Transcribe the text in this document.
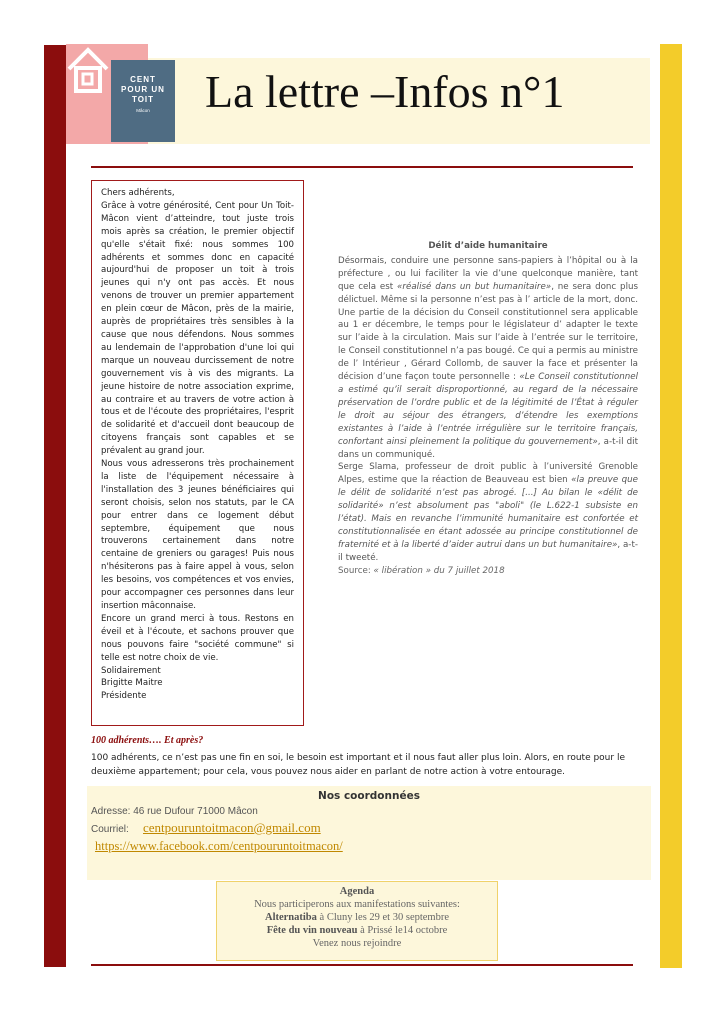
CENT
POUR UN
TOIT
Mâcon	La lettre –Infos n°1

Chers adhérents,

Grâce à votre générosité, Cent pour Un Toit-Mâcon vient d’atteindre, tout juste trois mois après sa création, le premier objectif qu'elle s'était fixé: nous sommes 100 adhérents et sommes donc en capacité aujourd'hui de proposer un toit à trois jeunes qui n'y ont pas accès. Et nous venons de trouver un premier appartement en plein cœur de Mâcon, près de la mairie, auprès de propriétaires très sensibles à la cause que nous défendons. Nous sommes au lendemain de l'approbation d'une loi qui marque un nouveau durcissement de notre gouvernement vis à vis des migrants. La jeune histoire de notre association exprime, au contraire et au travers de votre action à tous et de l'écoute des propriétaires, l'esprit de solidarité et d'accueil dont beaucoup de citoyens français sont capables et se prévalent au grand jour.

Nous vous adresserons très prochainement la liste de l'équipement nécessaire à l'installation des 3 jeunes bénéficiaires qui seront choisis, selon nos statuts, par le CA pour entrer dans ce logement début septembre, équipement que nous trouverons certainement dans notre centaine de greniers ou garages! Puis nous n'hésiterons pas à faire appel à vous, selon les besoins, vos compétences et vos envies, pour accompagner ces personnes dans leur insertion mâconnaise.

Encore un grand merci à tous. Restons en éveil et à l'écoute, et sachons prouver que nous pouvons faire "société commune" si telle est notre choix de vie.

Solidairement

Brigitte Maitre

Présidente

Délit d’aide humanitaire

Désormais, conduire une personne sans-papiers à l’hôpital ou à la préfecture , ou lui faciliter la vie d’une quelconque manière, tant que cela est «réalisé dans un but humanitaire», ne sera donc plus délictuel. Même si la personne n’est pas à l’ article de la mort, donc. Une partie de la décision du Conseil constitutionnel sera applicable au 1 er décembre, le temps pour le législateur d’ adapter le texte sur l’aide à la circulation. Mais sur l’aide à l’entrée sur le territoire, le Conseil constitutionnel n’a pas bougé. Ce qui a permis au ministre de l’ Intérieur , Gérard Collomb, de sauver la face et présenter la décision d’une façon toute personnelle : «Le Conseil constitutionnel a estimé qu’il serait disproportionné, au regard de la nécessaire préservation de l’ordre public et de la légitimité de l’État à réguler le droit au séjour des étrangers, d’étendre les exemptions existantes à l’aide à l’entrée irrégulière sur le territoire français, confortant ainsi pleinement la politique du gouvernement», a-t-il dit dans un communiqué.

Serge Slama, professeur de droit public à l’université Grenoble Alpes, estime que la réaction de Beauveau est bien «la preuve que le délit de solidarité n’est pas abrogé. [...] Au bilan le «délit de solidarité» n’est absolument pas "aboli" (le L.622-1 subsiste en l’état). Mais en revanche l’immunité humanitaire est confortée et constitutionnalisée en étant adossée au principe constitutionnel de fraternité et à la liberté d’aider autrui dans un but humanitaire», a-t-il tweeté.

Source: « libération » du 7 juillet 2018

100 adhérents…. Et après?
100 adhérents, ce n’est pas une fin en soi, le besoin est important et il nous faut aller plus loin. Alors, en route pour le deuxième appartement; pour cela, vous pouvez nous aider en parlant de notre action à votre entourage.
Nos coordonnées
Adresse: 46 rue Dufour 71000 Mâcon
Courriel: centpouruntoitmacon@gmail.com
https://www.facebook.com/centpouruntoitmacon/
Agenda
Nous participerons aux manifestations suivantes:
Alternatiba à Cluny les 29 et 30 septembre
Fête du vin nouveau à Prissé le14 octobre
Venez nous rejoindre
